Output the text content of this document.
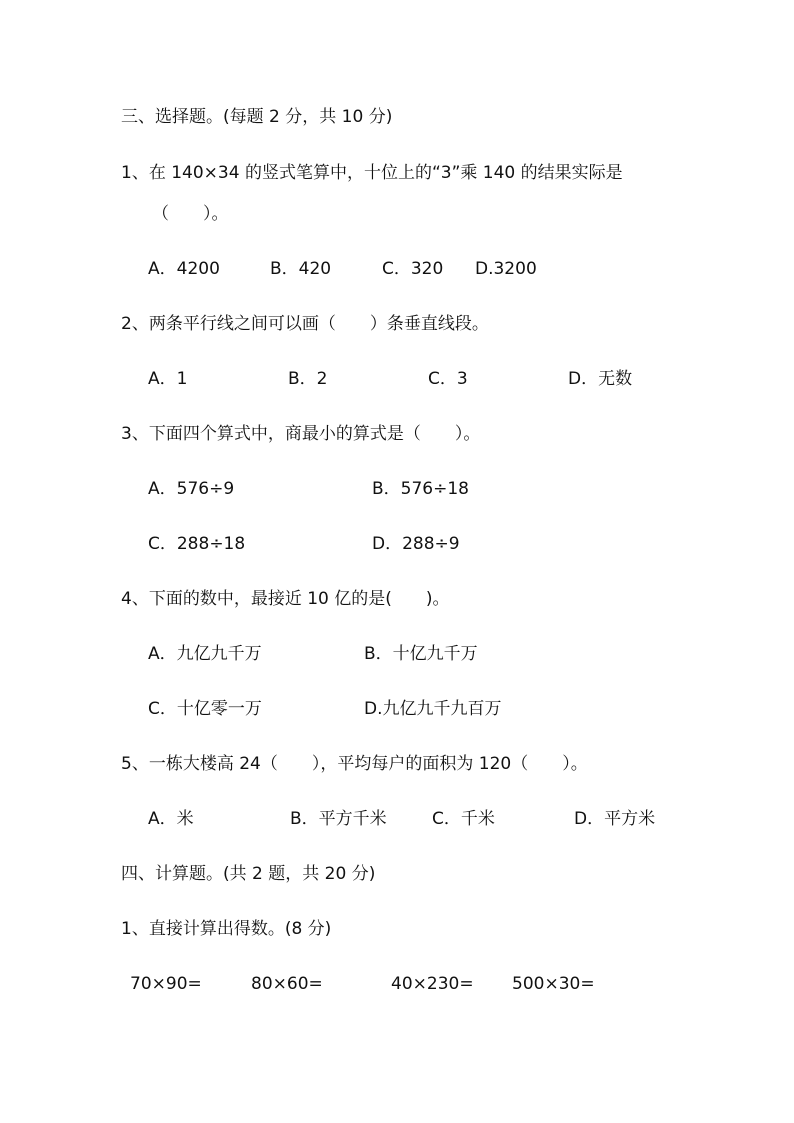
三、选择题。(每题 2 分，共 10 分)
1、在 140×34 的竖式笔算中，十位上的“3”乘 140 的结果实际是
（　　）。
A．4200	B．420	C．320 D.3200
2、两条平行线之间可以画（　　）条垂直线段。
A．1	B．2	C．3	D．无数
3、下面四个算式中，商最小的算式是（　　）。
A．576÷9	B．576÷18
C．288÷18	D．288÷9
4、下面的数中，最接近 10 亿的是(　　)。
A．九亿九千万	B．十亿九千万
C．十亿零一万	D.九亿九千九百万
5、一栋大楼高 24（　　），平均每户的面积为 120（　　）。
A．米	B．平方千米	C．千米	D．平方米
四、计算题。(共 2 题，共 20 分)
1、直接计算出得数。(8 分)
70×90=	80×60=	40×230= 500×30=
